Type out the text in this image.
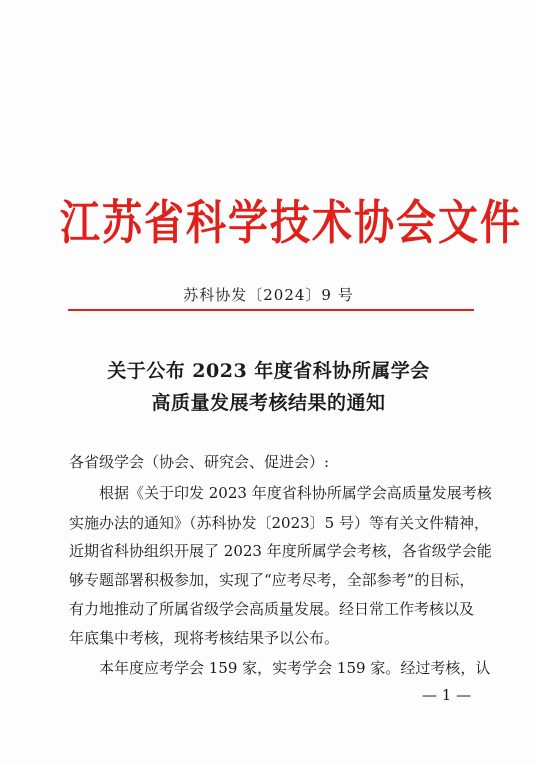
江苏省科学技术协会文件
苏科协发〔2024〕9 号
关于公布 2023 年度省科协所属学会
高质量发展考核结果的通知
各省级学会（协会、研究会、促进会）:
根据《关于印发 2023 年度省科协所属学会高质量发展考核
实施办法的通知》（苏科协发〔2023〕5 号）等有关文件精神，
近期省科协组织开展了 2023 年度所属学会考核，各省级学会能
够专题部署积极参加，实现了“应考尽考，全部参考”的目标，
有力地推动了所属省级学会高质量发展。经日常工作考核以及
年底集中考核，现将考核结果予以公布。
本年度应考学会 159 家，实考学会 159 家。经过考核，认
— 1 —
